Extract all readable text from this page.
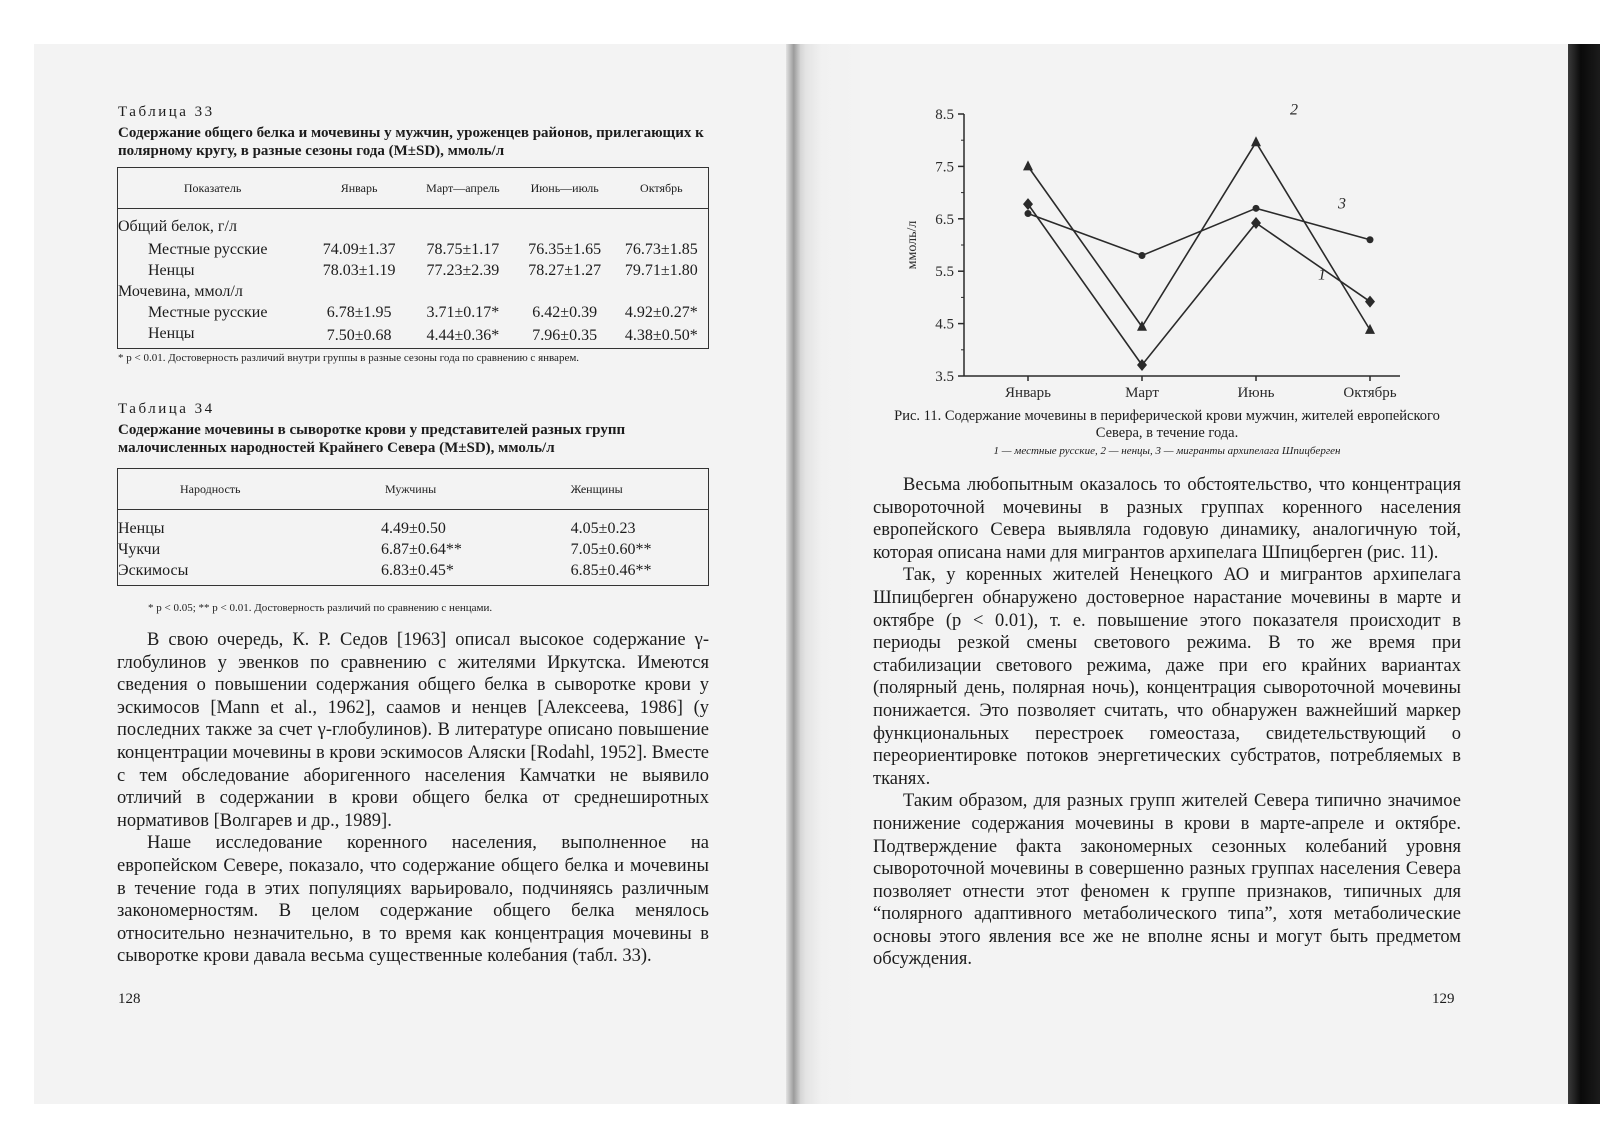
Таблица 33
Содержание общего белка и мочевины у мужчин, уроженцев районов, прилегающих к полярному кругу, в разные сезоны года (M±SD), ммоль/л
Показатель	Январь	Март—апрель	Июнь—июль	Октябрь
Общий белок, г/л				
Местные русские	74.09±1.37	78.75±1.17	76.35±1.65	76.73±1.85
Ненцы	78.03±1.19	77.23±2.39	78.27±1.27	79.71±1.80
Мочевина, ммол/л				
Местные русские	6.78±1.95	3.71±0.17*	6.42±0.39	4.92±0.27*
Ненцы	7.50±0.68	4.44±0.36*	7.96±0.35	4.38±0.50*
* p < 0.01. Достоверность различий внутри группы в разные сезоны года по сравнению с январем.
Таблица 34
Содержание мочевины в сыворотке крови у представителей разных групп малочисленных народностей Крайнего Севера (M±SD), ммоль/л
Народность	Мужчины	Женщины
Ненцы	4.49±0.50	4.05±0.23
Чукчи	6.87±0.64**	7.05±0.60**
Эскимосы	6.83±0.45*	6.85±0.46**
* p < 0.05; ** p < 0.01. Достоверность различий по сравнению с ненцами.

В свою очередь, К. Р. Седов [1963] описал высокое содержание γ-глобулинов у эвенков по сравнению с жителями Иркутска. Имеются сведения о повышении содержания общего белка в сыворотке крови у эскимосов [Mann et al., 1962], саамов и ненцев [Алексеева, 1986] (у последних также за счет γ-глобулинов). В литературе описано повышение концентрации мочевины в крови эскимосов Аляски [Rodahl, 1952]. Вместе с тем обследование аборигенного населения Камчатки не выявило отличий в содержании в крови общего белка от среднеширотных нормативов [Волгарев и др., 1989].

Наше исследование коренного населения, выполненное на европейском Севере, показало, что содержание общего белка и мочевины в течение года в этих популяциях варьировало, подчиняясь различным закономерностям. В целом содержание общего белка менялось относительно незначительно, в то время как концентрация мочевины в сыворотке крови давала весьма существенные колебания (табл. 33).

128
3.5
4.5
5.5
6.5
7.5
8.5
Январь	Март	Июнь	Октябрь
ммоль/л
1
2
3
Рис. 11. Содержание мочевины в периферической крови мужчин, жителей европейского Севера, в течение года.
1 — местные русские, 2 — ненцы, 3 — мигранты архипелага Шпицберген

Весьма любопытным оказалось то обстоятельство, что концентрация сывороточной мочевины в разных группах коренного населения европейского Севера выявляла годовую динамику, аналогичную той, которая описана нами для мигрантов архипелага Шпицберген (рис. 11).

Так, у коренных жителей Ненецкого АО и мигрантов архипелага Шпицберген обнаружено достоверное нарастание мочевины в марте и октябре (p < 0.01), т. е. повышение этого показателя происходит в периоды резкой смены светового режима. В то же время при стабилизации светового режима, даже при его крайних вариантах (полярный день, полярная ночь), концентрация сывороточной мочевины понижается. Это позволяет считать, что обнаружен важнейший маркер функциональных перестроек гомеостаза, свидетельствующий о переориентировке потоков энергетических субстратов, потребляемых в тканях.

Таким образом, для разных групп жителей Севера типично значимое понижение содержания мочевины в крови в марте-апреле и октябре. Подтверждение факта закономерных сезонных колебаний уровня сывороточной мочевины в совершенно разных группах населения Севера позволяет отнести этот феномен к группе признаков, типичных для “полярного адаптивного метаболического типа”, хотя метаболические основы этого явления все же не вполне ясны и могут быть предметом обсуждения.

129
